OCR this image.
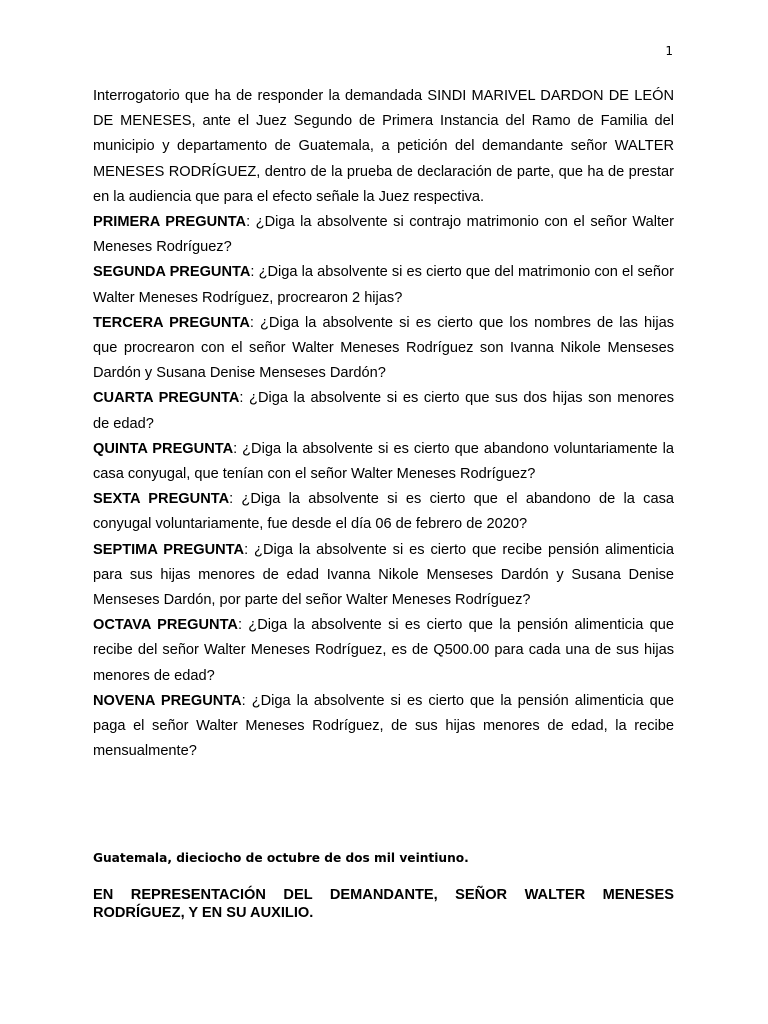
1

Interrogatorio que ha de responder la demandada SINDI MARIVEL DARDON DE LEÓN DE MENESES, ante el Juez Segundo de Primera Instancia del Ramo de Familia del municipio y departamento de Guatemala, a petición del demandante señor WALTER MENESES RODRÍGUEZ, dentro de la prueba de declaración de parte, que ha de prestar en la audiencia que para el efecto señale la Juez respectiva.

PRIMERA PREGUNTA: ¿Diga la absolvente si contrajo matrimonio con el señor Walter Meneses Rodríguez?

SEGUNDA PREGUNTA: ¿Diga la absolvente si es cierto que del matrimonio con el señor Walter Meneses Rodríguez, procrearon 2 hijas?

TERCERA PREGUNTA: ¿Diga la absolvente si es cierto que los nombres de las hijas que procrearon con el señor Walter Meneses Rodríguez son Ivanna Nikole Menseses Dardón y Susana Denise Menseses Dardón?

CUARTA PREGUNTA: ¿Diga la absolvente si es cierto que sus dos hijas son menores de edad?

QUINTA PREGUNTA: ¿Diga la absolvente si es cierto que abandono voluntariamente la casa conyugal, que tenían con el señor Walter Meneses Rodríguez?

SEXTA PREGUNTA: ¿Diga la absolvente si es cierto que el abandono de la casa conyugal voluntariamente, fue desde el día 06 de febrero de 2020?

SEPTIMA PREGUNTA: ¿Diga la absolvente si es cierto que recibe pensión alimenticia para sus hijas menores de edad Ivanna Nikole Menseses Dardón y Susana Denise Menseses Dardón, por parte del señor Walter Meneses Rodríguez?

OCTAVA PREGUNTA: ¿Diga la absolvente si es cierto que la pensión alimenticia que recibe del señor Walter Meneses Rodríguez, es de Q500.00 para cada una de sus hijas menores de edad?

NOVENA PREGUNTA: ¿Diga la absolvente si es cierto que la pensión alimenticia que paga el señor Walter Meneses Rodríguez, de sus hijas menores de edad, la recibe mensualmente?

Guatemala, dieciocho de octubre de dos mil veintiuno.
EN REPRESENTACIÓN DEL DEMANDANTE, SEÑOR WALTER MENESES RODRÍGUEZ, Y EN SU AUXILIO.
